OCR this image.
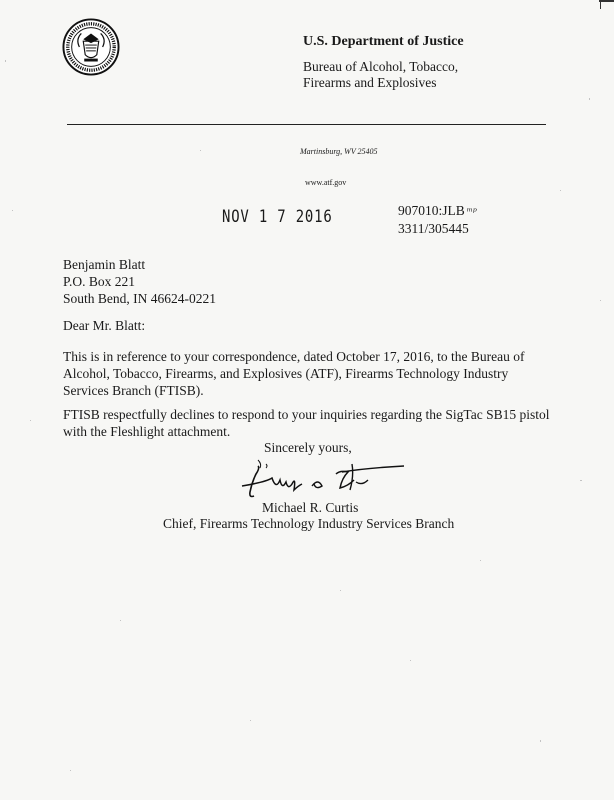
U.S. Department of Justice
Bureau of Alcohol, Tobacco,
Firearms and Explosives
Martinsburg, WV 25405
www.atf.gov
NOV 1 7 2016	907010:JLB ᵐᵖ
3311/305445
Benjamin Blatt
P.O. Box 221
South Bend, IN 46624-0221
Dear Mr. Blatt:
This is in reference to your correspondence, dated October 17, 2016, to the Bureau of Alcohol, Tobacco, Firearms, and Explosives (ATF), Firearms Technology Industry Services Branch (FTISB).
FTISB respectfully declines to respond to your inquiries regarding the SigTac SB15 pistol with the Fleshlight attachment.
Sincerely yours,
Michael R. Curtis
Chief, Firearms Technology Industry Services Branch
